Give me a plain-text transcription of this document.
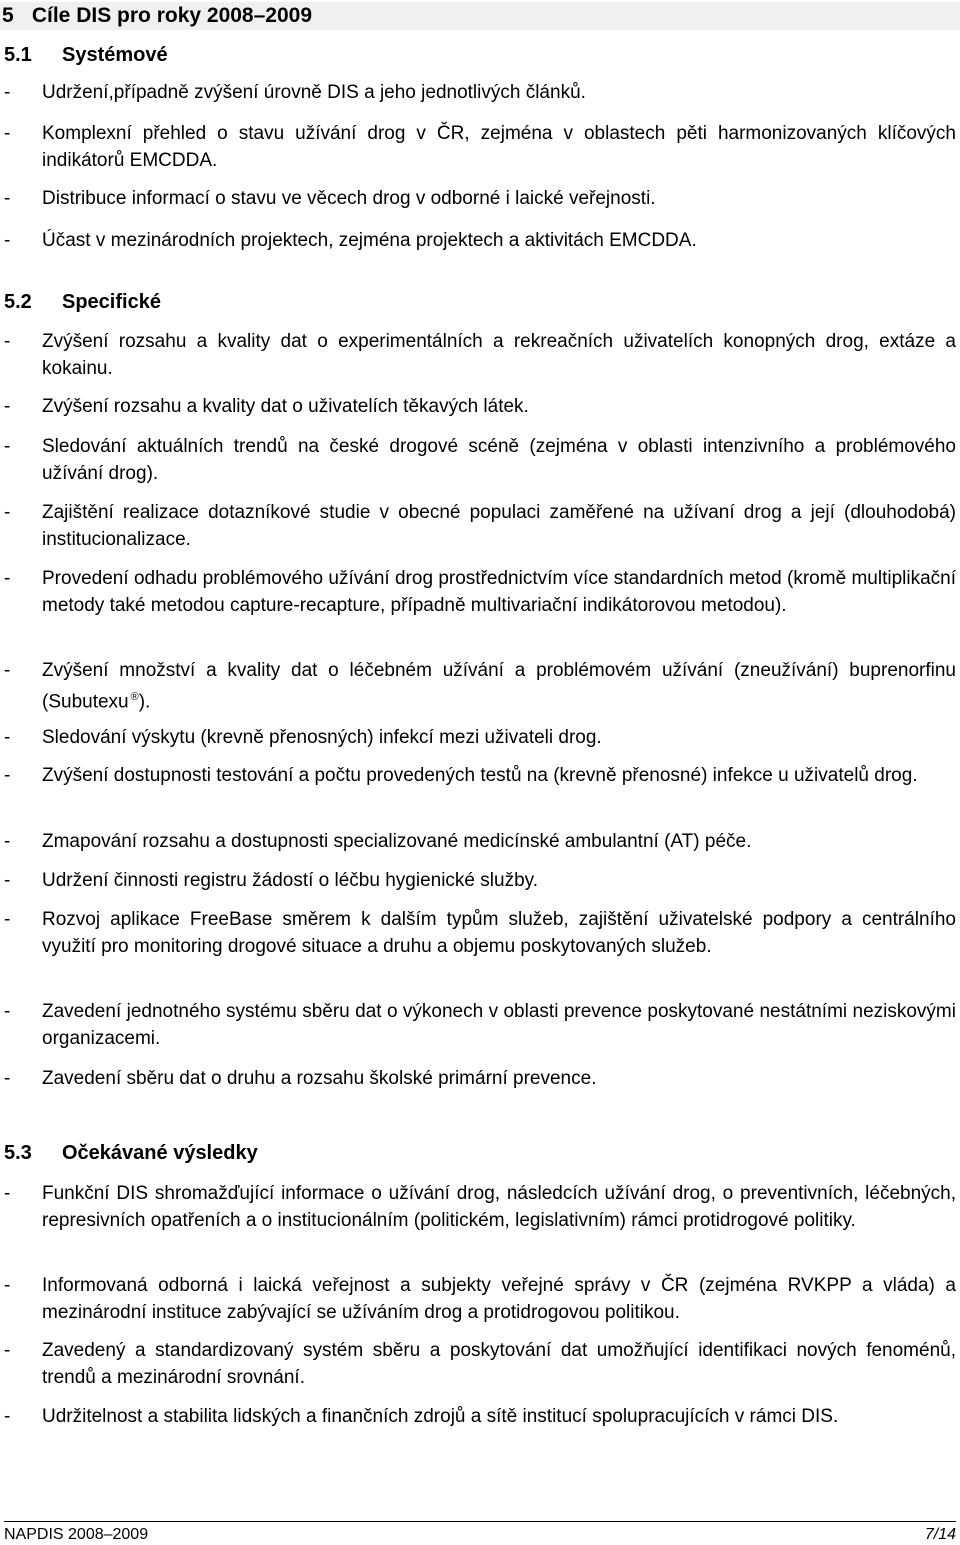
5 Cíle DIS pro roky 2008–2009
5.1 Systémové
- Udržení,případně zvýšení úrovně DIS a jeho jednotlivých článků.
- Komplexní přehled o stavu užívání drog v ČR, zejména v oblastech pěti harmonizovaných klíčových indikátorů EMCDDA.
- Distribuce informací o stavu ve věcech drog v odborné i laické veřejnosti.
- Účast v mezinárodních projektech, zejména projektech a aktivitách EMCDDA.
5.2 Specifické
- Zvýšení rozsahu a kvality dat o experimentálních a rekreačních uživatelích konopných drog, extáze a kokainu.
- Zvýšení rozsahu a kvality dat o uživatelích těkavých látek.
- Sledování aktuálních trendů na české drogové scéně (zejména v oblasti intenzivního a problémového užívání drog).
- Zajištění realizace dotazníkové studie v obecné populaci zaměřené na užívaní drog a její (dlouhodobá) institucionalizace.
- Provedení odhadu problémového užívání drog prostřednictvím více standardních metod (kromě multiplikační metody také metodou capture-recapture, případně multivariační indikátorovou metodou).
- Zvýšení množství a kvality dat o léčebném užívání a problémovém užívání (zneužívání) buprenorfinu (Subutexu ®).
- Sledování výskytu (krevně přenosných) infekcí mezi uživateli drog.
- Zvýšení dostupnosti testování a počtu provedených testů na (krevně přenosné) infekce u uživatelů drog.
- Zmapování rozsahu a dostupnosti specializované medicínské ambulantní (AT) péče.
- Udržení činnosti registru žádostí o léčbu hygienické služby.
- Rozvoj aplikace FreeBase směrem k dalším typům služeb, zajištění uživatelské podpory a centrálního využití pro monitoring drogové situace a druhu a objemu poskytovaných služeb.
- Zavedení jednotného systému sběru dat o výkonech v oblasti prevence poskytované nestátními neziskovými organizacemi.
- Zavedení sběru dat o druhu a rozsahu školské primární prevence.
5.3 Očekávané výsledky
- Funkční DIS shromažďující informace o užívání drog, následcích užívání drog, o preventivních, léčebných, represivních opatřeních a o institucionálním (politickém, legislativním) rámci protidrogové politiky.
- Informovaná odborná i laická veřejnost a subjekty veřejné správy v ČR (zejména RVKPP a vláda) a mezinárodní instituce zabývající se užíváním drog a protidrogovou politikou.
- Zavedený a standardizovaný systém sběru a poskytování dat umožňující identifikaci nových fenoménů, trendů a mezinárodní srovnání.
- Udržitelnost a stabilita lidských a finančních zdrojů a sítě institucí spolupracujících v rámci DIS.
NAPDIS 2008–2009	7/14
